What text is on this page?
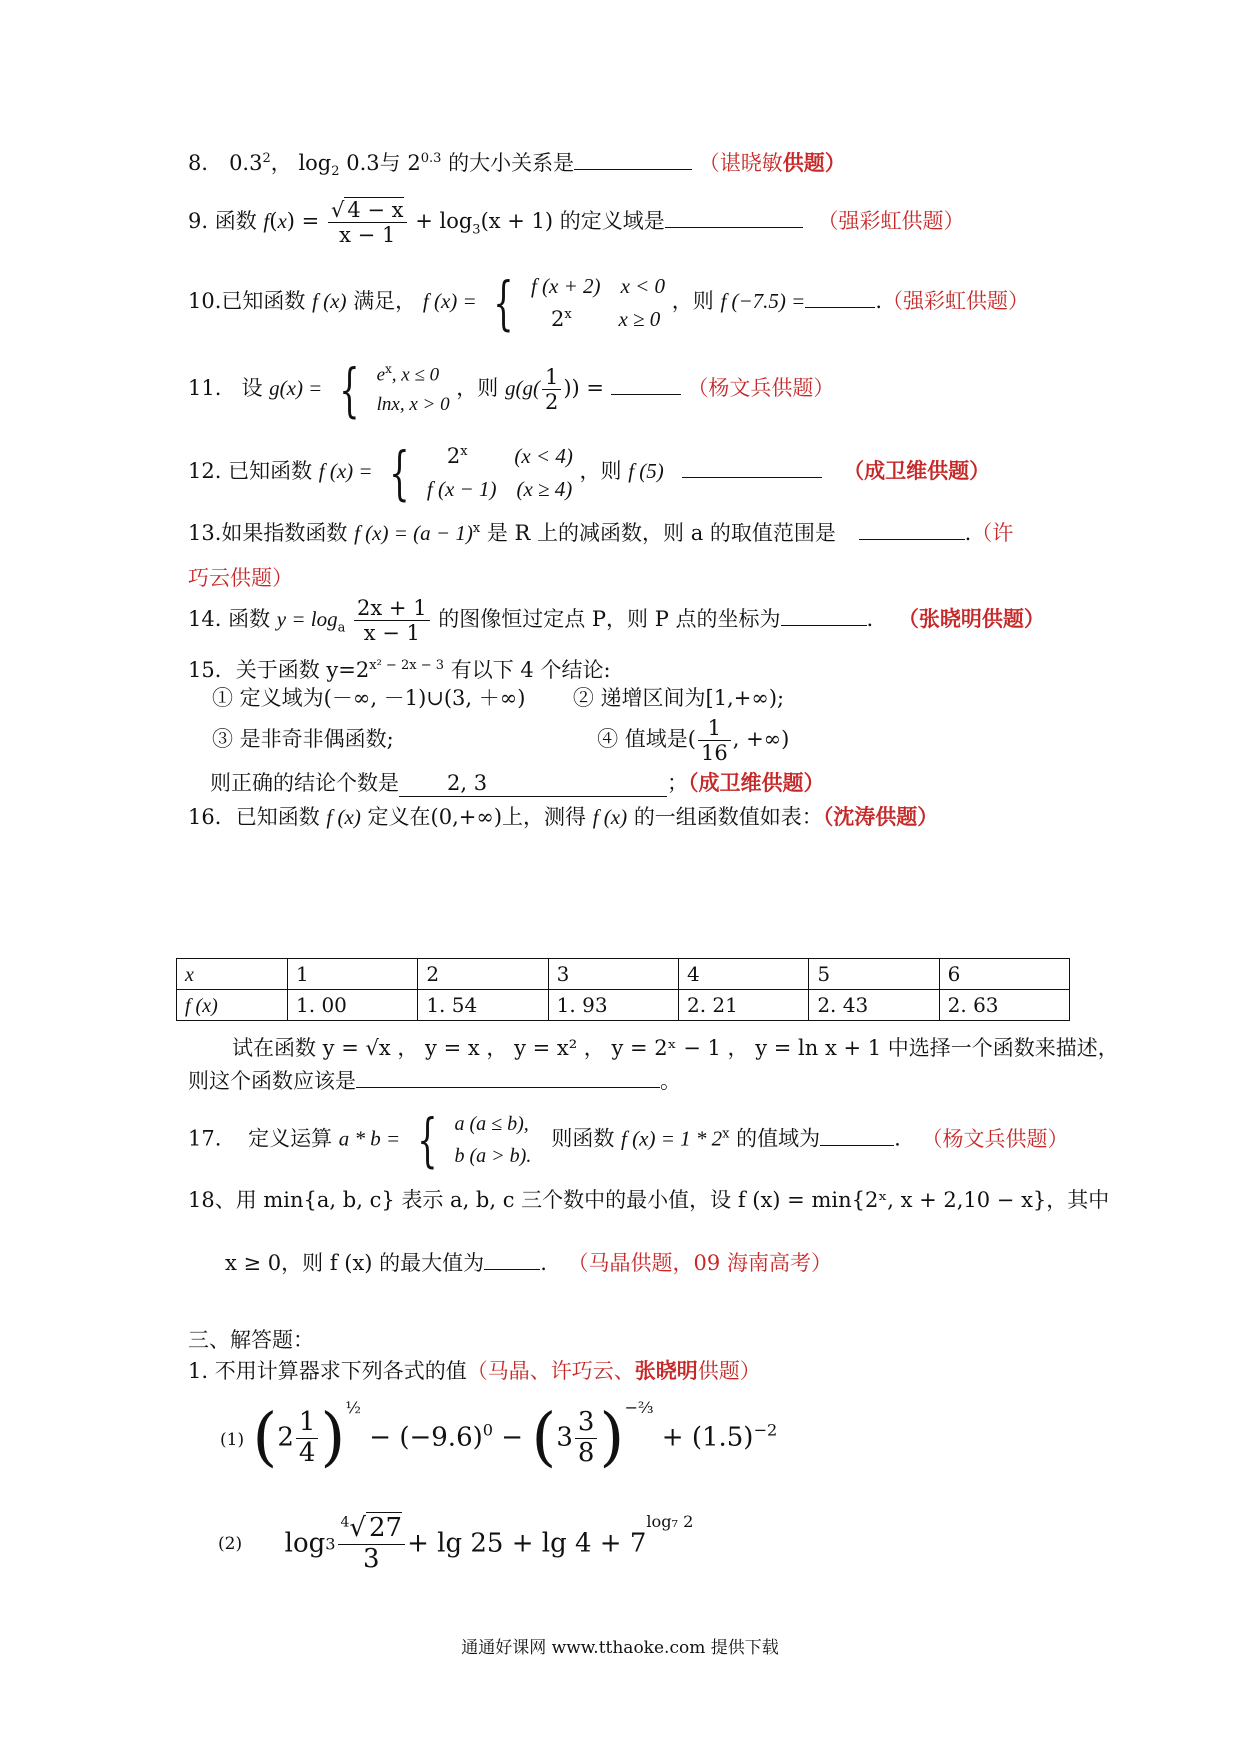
8． $0.3^2$， $\log_2 0.3$与 $2^{0.3}$ 的大小关系是	（谌晓敏供题）
9. 函数 $f(x) = \frac{√ 4 - x}{x - 1} + \log_3(x + 1)$ 的定义域是	（强彩虹供题）
10.已知函数 f (x) 满足， f (x) = { f (x + 2) x < 0
2$^x$ x ≥ 0
，则 f (−7.5) =	.（强彩虹供题）
11. 设 g(x) = { $e^x$, x ≤ 0
lnx, x > 0
，则 $g(g( \frac{1}{2}$ )) =	（杨文兵供题）
12. 已知函数 f (x) = {	2$^x$ (x < 4)
f (x − 1) (x ≥ 4)
，则 f (5)	（成卫维供题）
13.如果指数函数 f $(x) = (a - 1)^x$ 是 R 上的减函数，则 a 的取值范围是	.（许
巧云供题）
14. 函数 $y = \log_a \frac{2x + 1}{x - 1}$ 的图像恒过定点 P，则 P 点的坐标为	. （张晓明供题）
15．关于函数 $y=2^{x^2 - 2x - 3}$ 有以下 4 个结论:
① 定义域为(－∞, －1)∪(3, ＋∞) ② 递增区间为[1,+∞);
③ 是非奇非偶函数;	④ 值域是( $\frac{1}{16}$ , +∞)
则正确的结论个数是 2, 3	；（成卫维供题）
16．已知函数 f (x) 定义在(0,+∞)上，测得 f (x) 的一组函数值如表：（沈涛供题）
x	1	2	3	4	5	6
f (x)	1. 00	1. 54	1. 93	2. 21	2. 43	2. 63
试在函数 y = √x ， y = x ， y = x² ， y = 2ˣ − 1 ， y = ln x + 1 中选择一个函数来描述，
则这个函数应该是	。
17. 定义运算 a * b = { a (a ≤ b),
b (a > b).
则函数 f (x) = 1 * 2$^x$ 的值域为	. （杨文兵供题）
18、用 min{a, b, c} 表示 a, b, c 三个数中的最小值，设 f (x) = min{2ˣ, x + 2,10 − x}，其中
x ≥ 0，则 f (x) 的最大值为	. （马晶供题，09 海南高考）
三、解答题：
1. 不用计算器求下列各式的值（马晶、许巧云、张晓明供题）
(1) $(2 \frac{1}{4} )^{\frac{1}{2}} - (-9.6)^0 - (3 \frac{3}{8} )^{-\frac{2}{3}} + (1.5)^{-2}$
(2) $\log 3 \frac{^4√ 27}{3} + \lg 25 + \lg 4 + 7^{log_7 2}$
通通好课网 www.tthaoke.com 提供下载
